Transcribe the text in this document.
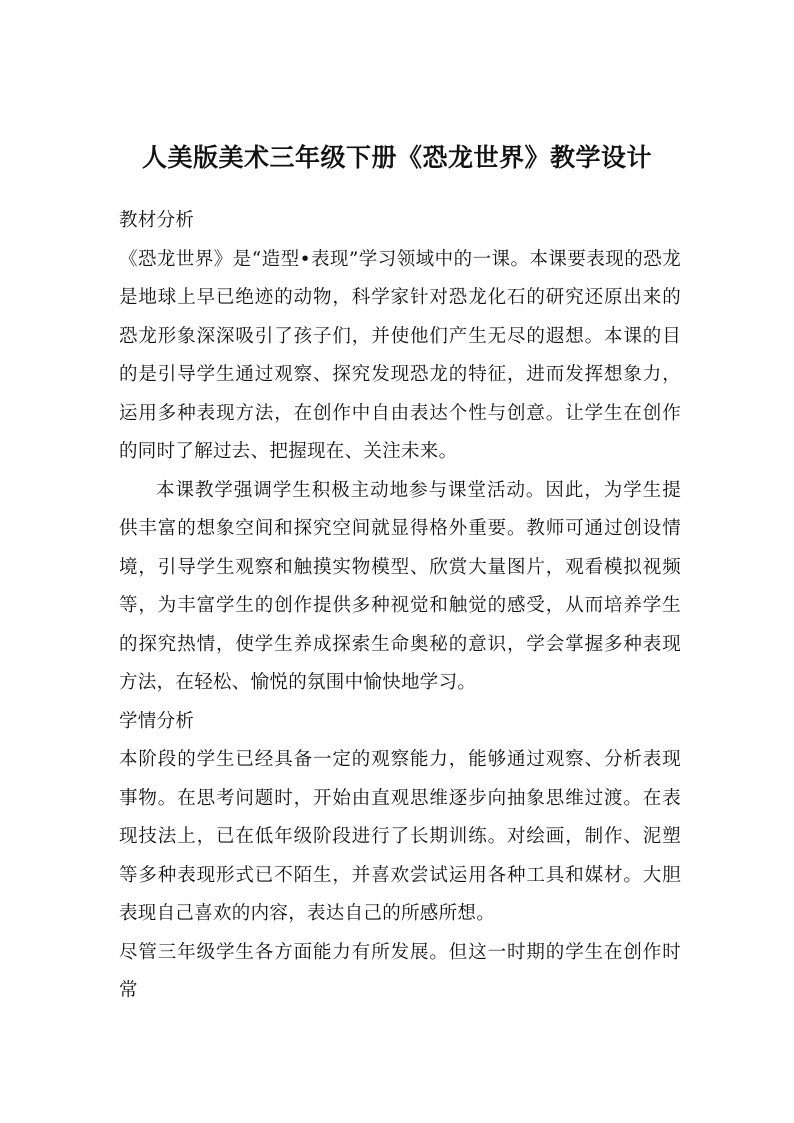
人美版美术三年级下册《恐龙世界》教学设计
教材分析

《恐龙世界》是“造型•表现”学习领域中的一课。本课要表现的恐龙是地球上早已绝迹的动物，科学家针对恐龙化石的研究还原出来的恐龙形象深深吸引了孩子们，并使他们产生无尽的遐想。本课的目的是引导学生通过观察、探究发现恐龙的特征，进而发挥想象力，运用多种表现方法，在创作中自由表达个性与创意。让学生在创作的同时了解过去、把握现在、关注未来。

本课教学强调学生积极主动地参与课堂活动。因此，为学生提供丰富的想象空间和探究空间就显得格外重要。教师可通过创设情境，引导学生观察和触摸实物模型、欣赏大量图片，观看模拟视频等，为丰富学生的创作提供多种视觉和触觉的感受，从而培养学生的探究热情，使学生养成探索生命奥秘的意识，学会掌握多种表现方法，在轻松、愉悦的氛围中愉快地学习。

学情分析

本阶段的学生已经具备一定的观察能力，能够通过观察、分析表现事物。在思考问题时，开始由直观思维逐步向抽象思维过渡。在表现技法上，已在低年级阶段进行了长期训练。对绘画，制作、泥塑等多种表现形式已不陌生，并喜欢尝试运用各种工具和媒材。大胆表现自己喜欢的内容，表达自己的所感所想。

尽管三年级学生各方面能力有所发展。但这一时期的学生在创作时常
